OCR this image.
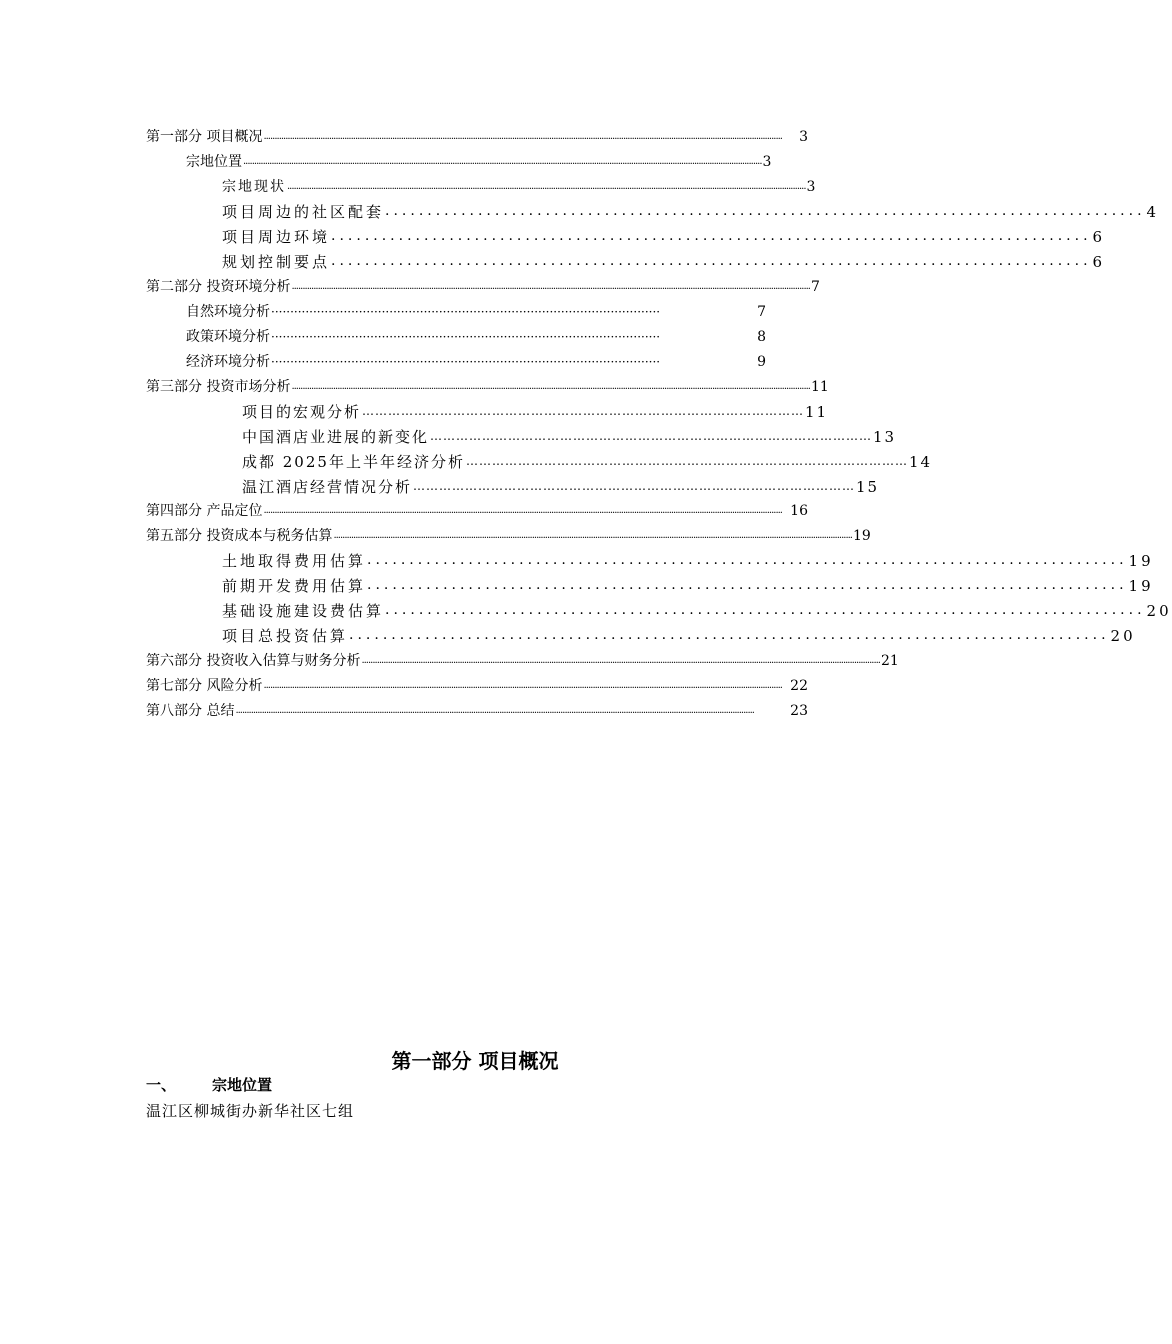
第一部分 项目概况 ..............................................................................................................................................................................................................................................	3
宗地位置 .............................................................................................................................................................................................................................................. 3
宗地现状 .............................................................................................................................................................................................................................................. 3
项目周边的社区配套 .......................................................................................... 4
项目周边环境 .......................................................................................... 6
规划控制要点 .......................................................................................... 6
第二部分 投资环境分析 .............................................................................................................................................................................................................................................. 7
自然环境分析 ······································································································	7
政策环境分析 ······································································································	8
经济环境分析 ······································································································	9
第三部分 投资市场分析 .............................................................................................................................................................................................................................................. 11
项目的宏观分析 ………………………………………………………………………………………… 11
中国酒店业进展的新变化 ………………………………………………………………………………………… 13
成都 2025年上半年经济分析 ………………………………………………………………………………………… 14
温江酒店经营情况分析 ………………………………………………………………………………………… 15
第四部分 产品定位 .............................................................................................................................................................................................................................................. 16
第五部分 投资成本与税务估算 .............................................................................................................................................................................................................................................. 19
土地取得费用估算 .......................................................................................... 19
前期开发费用估算 .......................................................................................... 19
基础设施建设费估算 .......................................................................................... 20
项目总投资估算 .......................................................................................... 20
第六部分 投资收入估算与财务分析 .............................................................................................................................................................................................................................................. 21
第七部分 风险分析 .............................................................................................................................................................................................................................................. 22
第八部分 总结 ..............................................................................................................................................................................................................................................	23
第一部分 项目概况
一、	宗地位置
温江区柳城街办新华社区七组
